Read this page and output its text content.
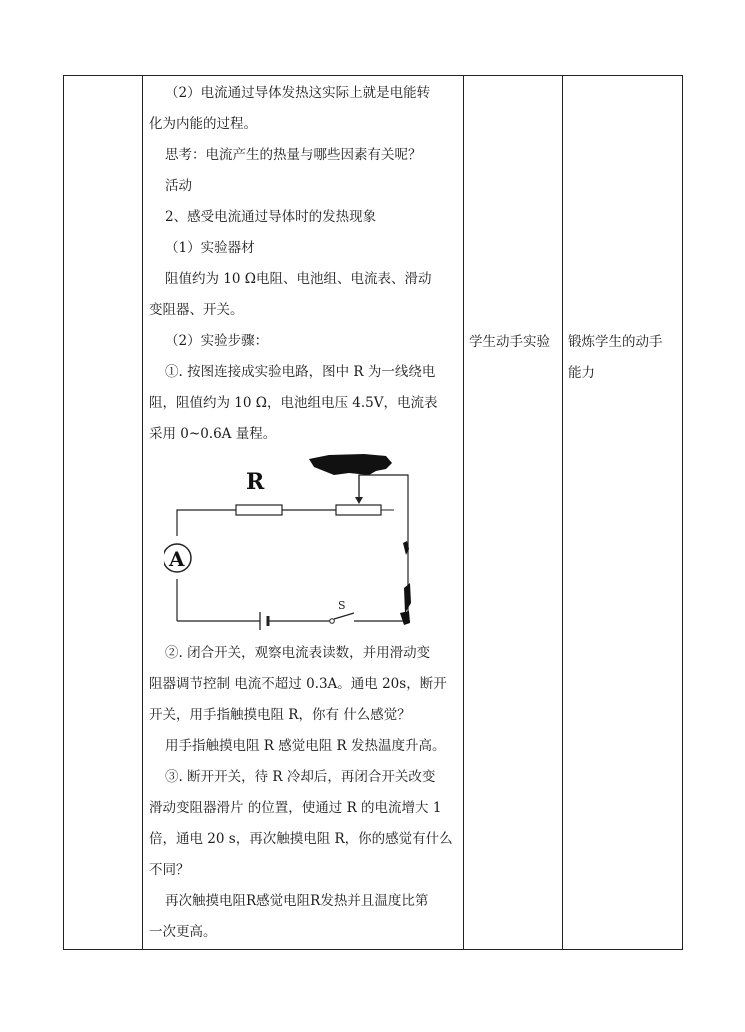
（2）电流通过导体发热这实际上就是电能转
化为内能的过程。
思考：电流产生的热量与哪些因素有关呢？
活动
2、感受电流通过导体时的发热现象
（1）实验器材
阻值约为 10 Ω电阻、电池组、电流表、滑动
变阻器、开关。
（2）实验步骤：
①. 按图连接成实验电路，图中 R 为一线绕电
阻，阻值约为 10 Ω，电池组电压 4.5V，电流表
采用 0~0.6A 量程。
R
A
S
②. 闭合开关，观察电流表读数，并用滑动变
阻器调节控制 电流不超过 0.3A。通电 20s，断开
开关，用手指触摸电阻 R，你有 什么感觉？
用手指触摸电阻 R 感觉电阻 R 发热温度升高。
③. 断开开关，待 R 冷却后，再闭合开关改变
滑动变阻器滑片 的位置，使通过 R 的电流增大 1
倍，通电 20 s，再次触摸电阻 R，你的感觉有什么
不同？
再次触摸电阻R感觉电阻R发热并且温度比第
一次更高。
学生动手实验 锻炼学生的动手
能力
